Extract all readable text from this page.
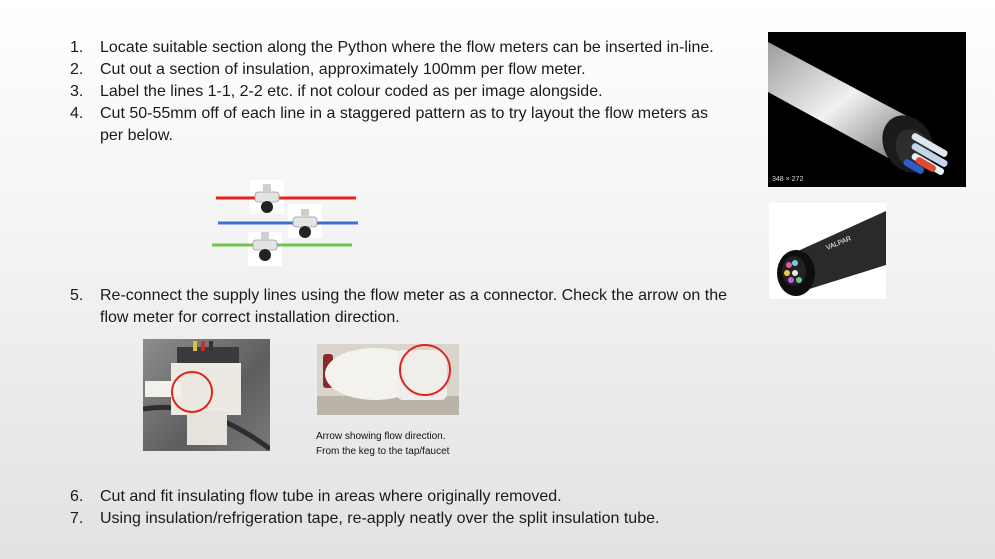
1.	Locate suitable section along the Python where the flow meters can be inserted in-line.
2.	Cut out a section of insulation, approximately 100mm per flow meter.
3.	Label the lines 1-1, 2-2 etc. if not colour coded as per image alongside.
4.	Cut 50-55mm off of each line in a staggered pattern as to try layout the flow meters as per below.
5.	Re-connect the supply lines using the flow meter as a connector. Check the arrow on the flow meter for correct installation direction.
Arrow showing flow direction.
From the keg to the tap/faucet
6.	Cut and fit insulating flow tube in areas where originally removed.
7.	Using insulation/refrigeration tape, re-apply neatly over the split insulation tube.
348 × 272
VALPAR
